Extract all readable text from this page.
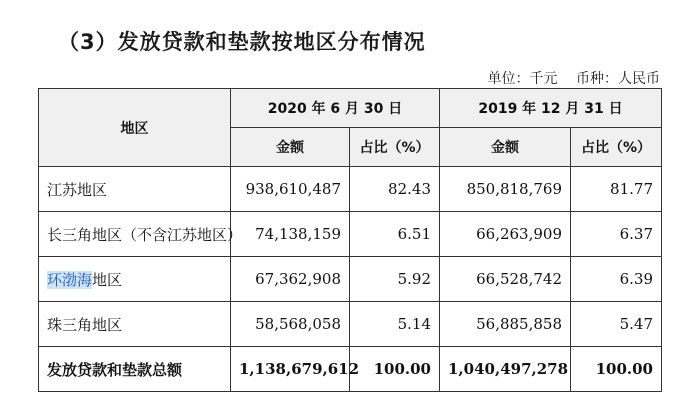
（3）发放贷款和垫款按地区分布情况
单位：千元 币种：人民币
地区	2020 年 6 月 30 日		2019 年 12 月 31 日	
	金额	占比（%）	金额	占比（%）
江苏地区	938,610,487	82.43	850,818,769	81.77
长三角地区（不含江苏地区）	74,138,159	6.51	66,263,909	6.37
环渤海地区	67,362,908	5.92	66,528,742	6.39
珠三角地区	58,568,058	5.14	56,885,858	5.47
发放贷款和垫款总额	1,138,679,612	100.00	1,040,497,278	100.00
